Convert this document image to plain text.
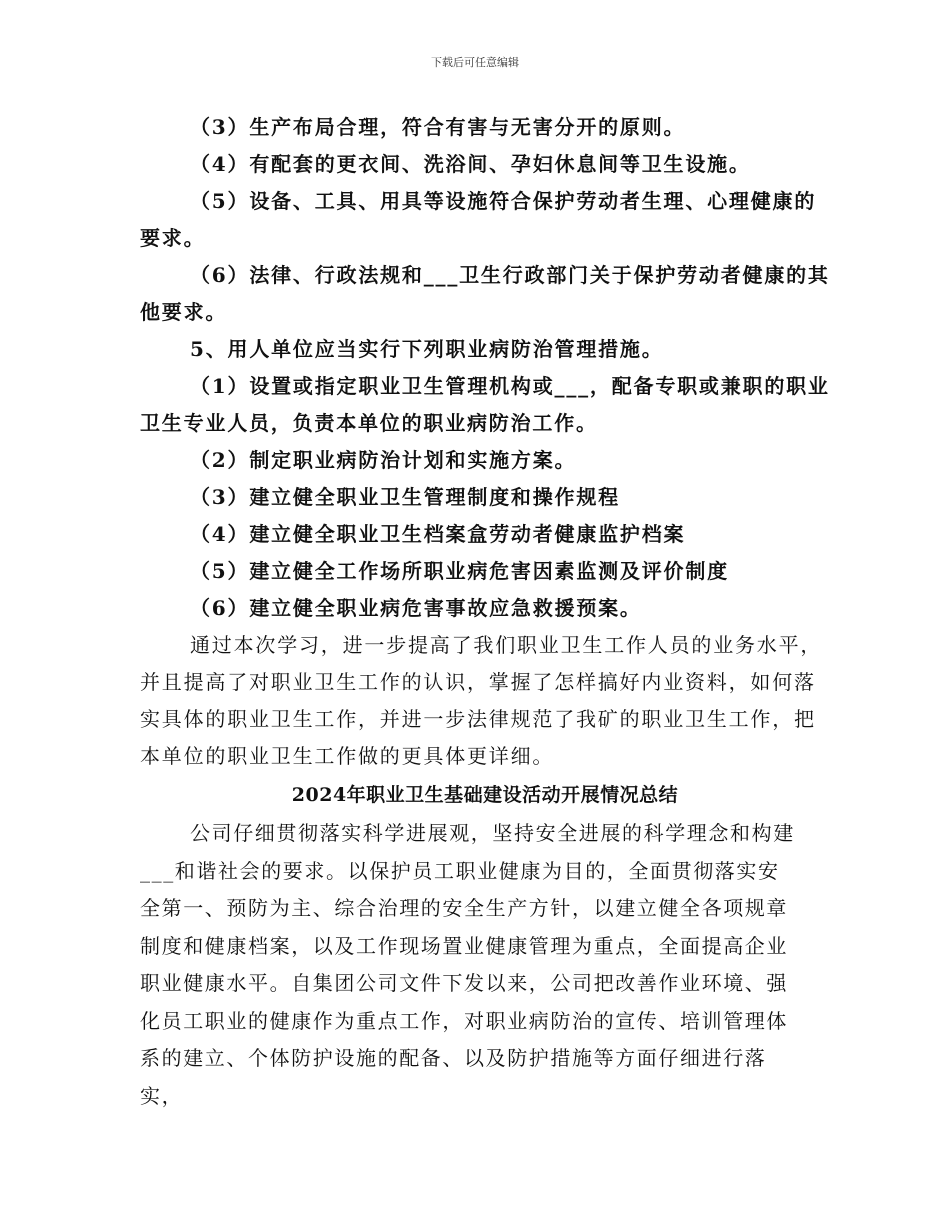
下载后可任意编辑

（3）生产布局合理，符合有害与无害分开的原则。

（4）有配套的更衣间、洗浴间、孕妇休息间等卫生设施。

（5）设备、工具、用具等设施符合保护劳动者生理、心理健康的要求。

（6）法律、行政法规和___卫生行政部门关于保护劳动者健康的其他要求。

5、用人单位应当实行下列职业病防治管理措施。

（1）设置或指定职业卫生管理机构或___，配备专职或兼职的职业卫生专业人员，负责本单位的职业病防治工作。

（2）制定职业病防治计划和实施方案。

（3）建立健全职业卫生管理制度和操作规程

（4）建立健全职业卫生档案盒劳动者健康监护档案

（5）建立健全工作场所职业病危害因素监测及评价制度

（6）建立健全职业病危害事故应急救援预案。

通过本次学习，进一步提高了我们职业卫生工作人员的业务水平，并且提高了对职业卫生工作的认识，掌握了怎样搞好内业资料，如何落实具体的职业卫生工作，并进一步法律规范了我矿的职业卫生工作，把本单位的职业卫生工作做的更具体更详细。

2024年职业卫生基础建设活动开展情况总结

公司仔细贯彻落实科学进展观，坚持安全进展的科学理念和构建___和谐社会的要求。以保护员工职业健康为目的，全面贯彻落实安全第一、预防为主、综合治理的安全生产方针，以建立健全各项规章制度和健康档案，以及工作现场置业健康管理为重点，全面提高企业职业健康水平。自集团公司文件下发以来，公司把改善作业环境、强化员工职业的健康作为重点工作，对职业病防治的宣传、培训管理体系的建立、个体防护设施的配备、以及防护措施等方面仔细进行落实，
